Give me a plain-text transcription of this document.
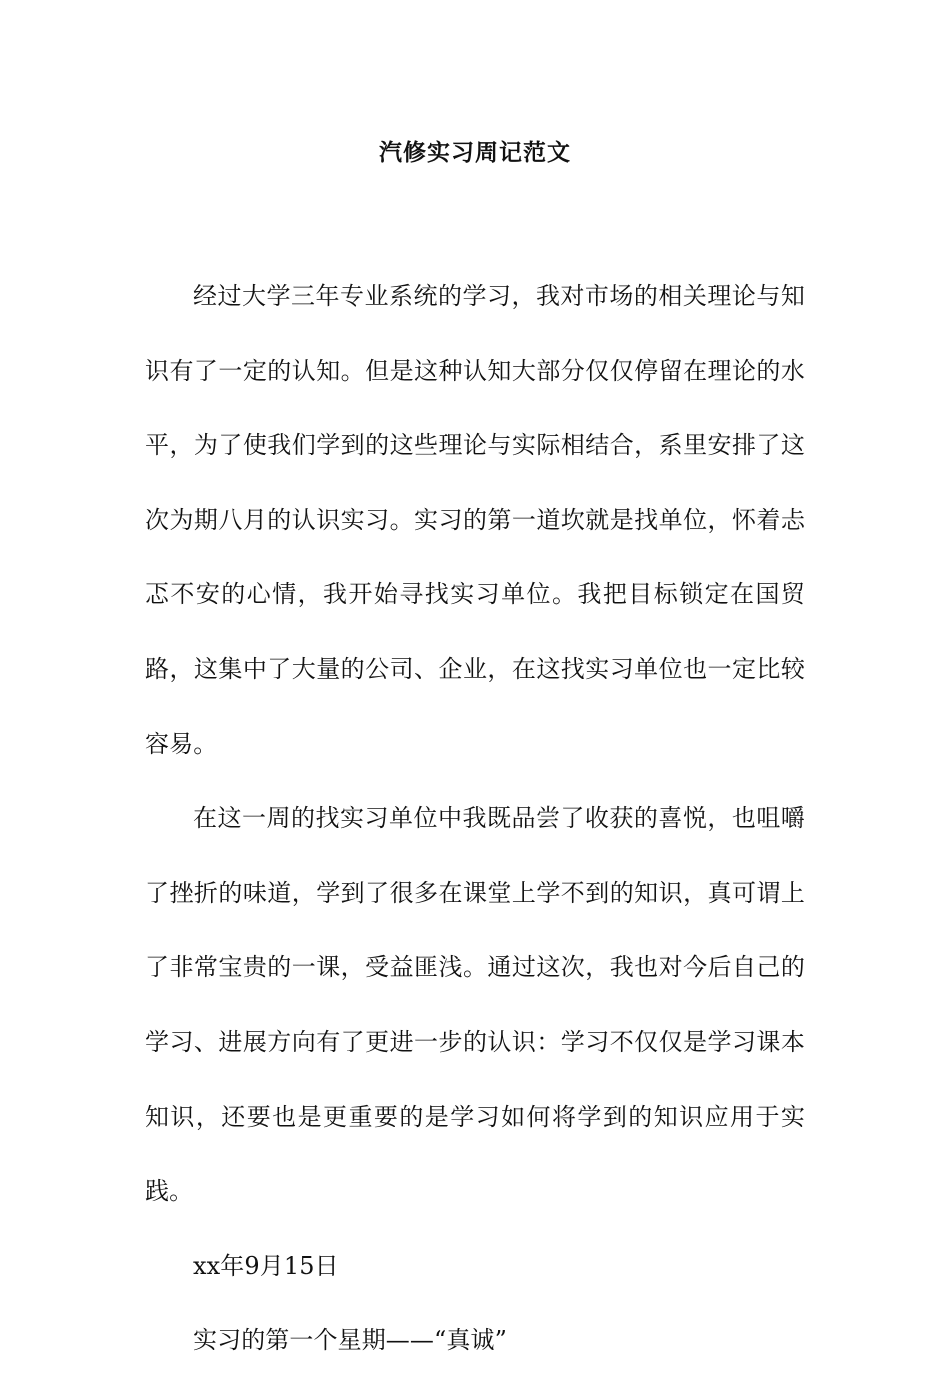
汽修实习周记范文

经过大学三年专业系统的学习，我对市场的相关理论与知识有了一定的认知。但是这种认知大部分仅仅停留在理论的水平，为了使我们学到的这些理论与实际相结合，系里安排了这次为期八月的认识实习。实习的第一道坎就是找单位，怀着忐忑不安的心情，我开始寻找实习单位。我把目标锁定在国贸路，这集中了大量的公司、企业，在这找实习单位也一定比较容易。

在这一周的找实习单位中我既品尝了收获的喜悦，也咀嚼了挫折的味道，学到了很多在课堂上学不到的知识，真可谓上了非常宝贵的一课，受益匪浅。通过这次，我也对今后自己的学习、进展方向有了更进一步的认识：学习不仅仅是学习课本知识，还要也是更重要的是学习如何将学到的知识应用于实践。

xx年9月15日

实习的第一个星期——“真诚”
